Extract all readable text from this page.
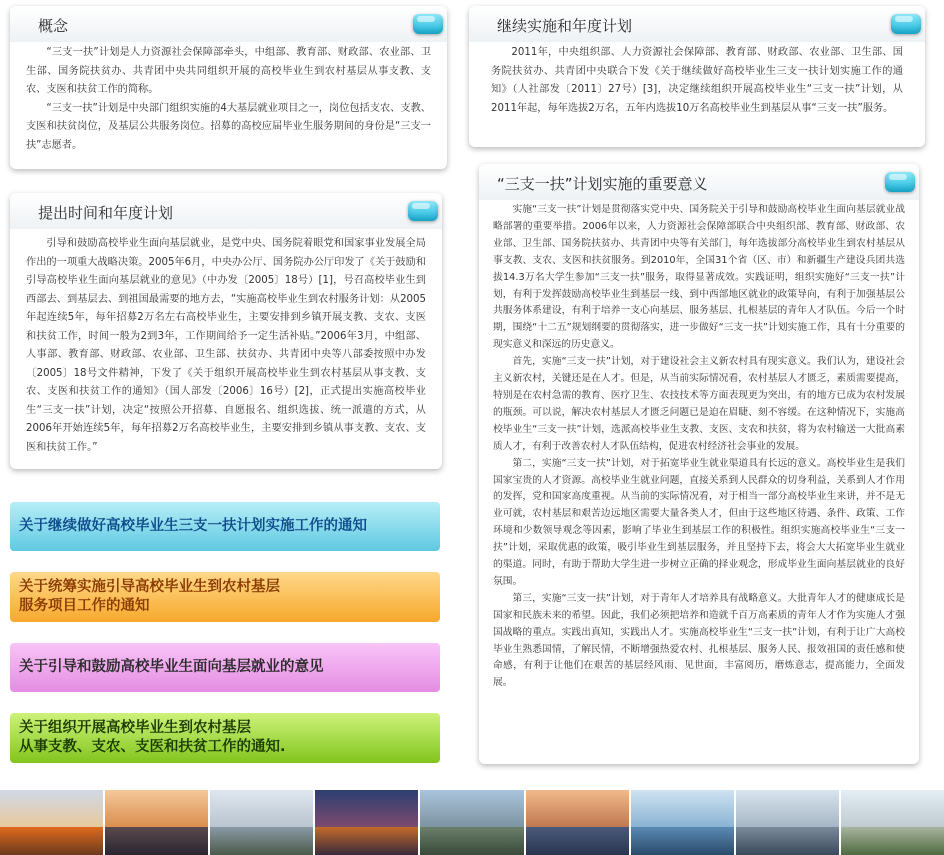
概念

“三支一扶”计划是人力资源社会保障部牵头，中组部、教育部、财政部、农业部、卫生部、国务院扶贫办、共青团中央共同组织开展的高校毕业生到农村基层从事支教、支农、支医和扶贫工作的简称。

“三支一扶”计划是中央部门组织实施的4大基层就业项目之一，岗位包括支农、支教、支医和扶贫岗位，及基层公共服务岗位。招募的高校应届毕业生服务期间的身份是“三支一扶”志愿者。

继续实施和年度计划

2011年，中央组织部、人力资源社会保障部、教育部、财政部、农业部、卫生部、国务院扶贫办、共青团中央联合下发《关于继续做好高校毕业生三支一扶计划实施工作的通知》（人社部发〔2011〕27号）[3]，决定继续组织开展高校毕业生“三支一扶”计划，从2011年起，每年选拔2万名，五年内选拔10万名高校毕业生到基层从事“三支一扶”服务。

提出时间和年度计划

引导和鼓励高校毕业生面向基层就业，是党中央、国务院着眼党和国家事业发展全局作出的一项重大战略决策。2005年6月，中央办公厅、国务院办公厅印发了《关于鼓励和引导高校毕业生面向基层就业的意见》（中办发〔2005〕18号）[1]，号召高校毕业生到西部去、到基层去、到祖国最需要的地方去，“实施高校毕业生到农村服务计划：从2005年起连续5年，每年招募2万名左右高校毕业生，主要安排到乡镇开展支教、支农、支医和扶贫工作，时间一般为2到3年，工作期间给予一定生活补贴。”2006年3月，中组部、人事部、教育部、财政部、农业部、卫生部、扶贫办、共青团中央等八部委按照中办发〔2005〕18号文件精神，下发了《关于组织开展高校毕业生到农村基层从事支教、支农、支医和扶贫工作的通知》（国人部发〔2006〕16号）[2]，正式提出实施高校毕业生“三支一扶”计划，决定“按照公开招募、自愿报名、组织选拔、统一派遣的方式，从2006年开始连续5年，每年招募2万名高校毕业生，主要安排到乡镇从事支教、支农、支医和扶贫工作。”

“三支一扶”计划实施的重要意义

实施“三支一扶”计划是贯彻落实党中央、国务院关于引导和鼓励高校毕业生面向基层就业战略部署的重要举措。2006年以来，人力资源社会保障部联合中央组织部、教育部、财政部、农业部、卫生部、国务院扶贫办、共青团中央等有关部门，每年选拔部分高校毕业生到农村基层从事支教、支农、支医和扶贫服务。到2010年，全国31个省（区、市）和新疆生产建设兵团共选拔14.3万名大学生参加“三支一扶”服务，取得显著成效。实践证明，组织实施好“三支一扶”计划，有利于发挥鼓励高校毕业生到基层一线、到中西部地区就业的政策导向，有利于加强基层公共服务体系建设，有利于培养一支心向基层、服务基层、扎根基层的青年人才队伍。今后一个时期，围绕“十二五”规划纲要的贯彻落实，进一步做好“三支一扶”计划实施工作，具有十分重要的现实意义和深远的历史意义。

首先，实施“三支一扶”计划，对于建设社会主义新农村具有现实意义。我们认为，建设社会主义新农村，关键还是在人才。但是，从当前实际情况看，农村基层人才匮乏，素质需要提高，特别是在农村急需的教育、医疗卫生、农技技术等方面表现更为突出，有的地方已成为农村发展的瓶颈。可以说，解决农村基层人才匮乏问题已是迫在眉睫、刻不容缓。在这种情况下，实施高校毕业生“三支一扶”计划，选派高校毕业生支教、支医、支农和扶贫，将为农村输送一大批高素质人才，有利于改善农村人才队伍结构，促进农村经济社会事业的发展。

第二，实施“三支一扶”计划，对于拓宽毕业生就业渠道具有长远的意义。高校毕业生是我们国家宝贵的人才资源。高校毕业生就业问题，直接关系到人民群众的切身利益，关系到人才作用的发挥，党和国家高度重视。从当前的实际情况看，对于相当一部分高校毕业生来讲，并不是无业可就，农村基层和艰苦边远地区需要大量各类人才，但由于这些地区待遇、条件、政策、工作环境和少数领导观念等因素，影响了毕业生到基层工作的积极性。组织实施高校毕业生“三支一扶”计划，采取优惠的政策，吸引毕业生到基层服务，并且坚持下去，将会大大拓宽毕业生就业的渠道。同时，有助于帮助大学生进一步树立正确的择业观念，形成毕业生面向基层就业的良好氛围。

第三，实施“三支一扶”计划，对于青年人才培养具有战略意义。大批青年人才的健康成长是国家和民族未来的希望。因此，我们必须把培养和造就千百万高素质的青年人才作为实施人才强国战略的重点。实践出真知，实践出人才。实施高校毕业生“三支一扶”计划，有利于让广大高校毕业生熟悉国情，了解民情，不断增强热爱农村、扎根基层、服务人民、报效祖国的责任感和使命感，有利于让他们在艰苦的基层经风雨、见世面，丰富阅历，磨炼意志，提高能力，全面发展。

关于继续做好高校毕业生三支一扶计划实施工作的通知
关于统筹实施引导高校毕业生到农村基层
服务项目工作的通知
关于引导和鼓励高校毕业生面向基层就业的意见
关于组织开展高校毕业生到农村基层
从事支教、支农、支医和扶贫工作的通知.
